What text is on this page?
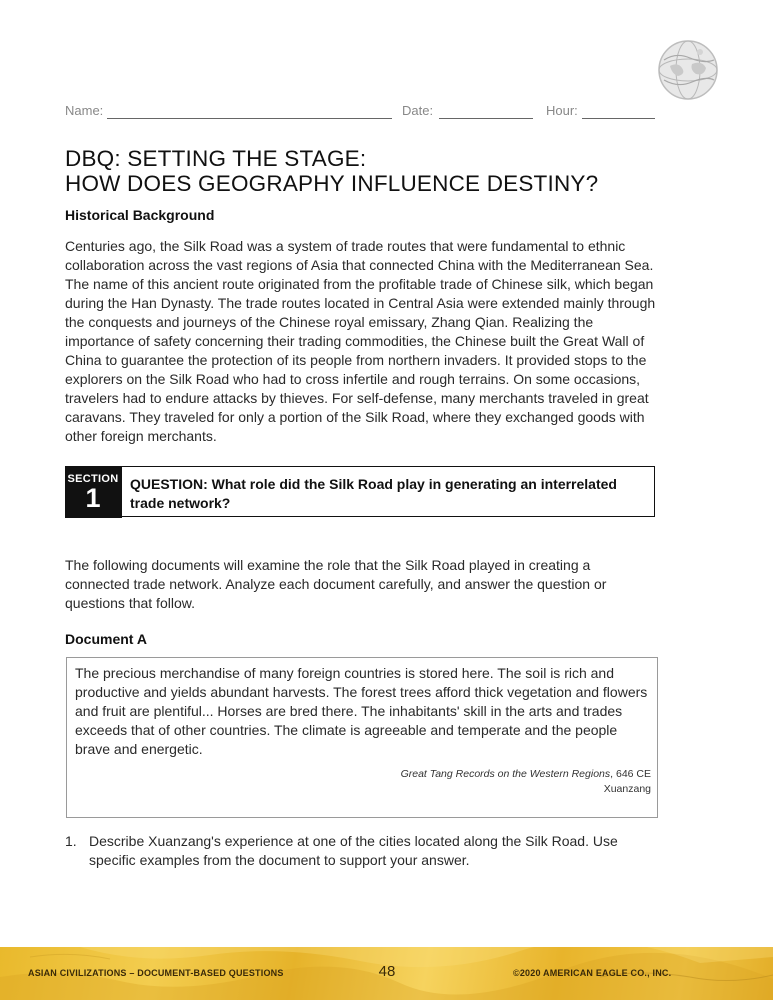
Name:	Date:	Hour:
DBQ: SETTING THE STAGE:
HOW DOES GEOGRAPHY INFLUENCE DESTINY?
Historical Background

Centuries ago, the Silk Road was a system of trade routes that were fundamental to ethnic collaboration across the vast regions of Asia that connected China with the Mediterranean Sea. The name of this ancient route originated from the profitable trade of Chinese silk, which began during the Han Dynasty. The trade routes located in Central Asia were extended mainly through the conquests and journeys of the Chinese royal emissary, Zhang Qian. Realizing the importance of safety concerning their trading commodities, the Chinese built the Great Wall of China to guarantee the protection of its people from northern invaders. It provided stops to the explorers on the Silk Road who had to cross infertile and rough terrains. On some occasions, travelers had to endure attacks by thieves. For self-defense, many merchants traveled in great caravans. They traveled for only a portion of the Silk Road, where they exchanged goods with other foreign merchants.

SECTION
1	QUESTION: What role did the Silk Road play in generating an interrelated trade network?

The following documents will examine the role that the Silk Road played in creating a connected trade network. Analyze each document carefully, and answer the question or questions that follow.

Document A

The precious merchandise of many foreign countries is stored here. The soil is rich and productive and yields abundant harvests. The forest trees afford thick vegetation and flowers and fruit are plentiful... Horses are bred there. The inhabitants' skill in the arts and trades exceeds that of other countries. The climate is agreeable and temperate and the people brave and energetic.

Great Tang Records on the Western Regions, 646 CE
Xuanzang
1. Describe Xuanzang's experience at one of the cities located along the Silk Road. Use specific examples from the document to support your answer.
ASIAN CIVILIZATIONS – DOCUMENT-BASED QUESTIONS	48	©2020 AMERICAN EAGLE CO., INC.
